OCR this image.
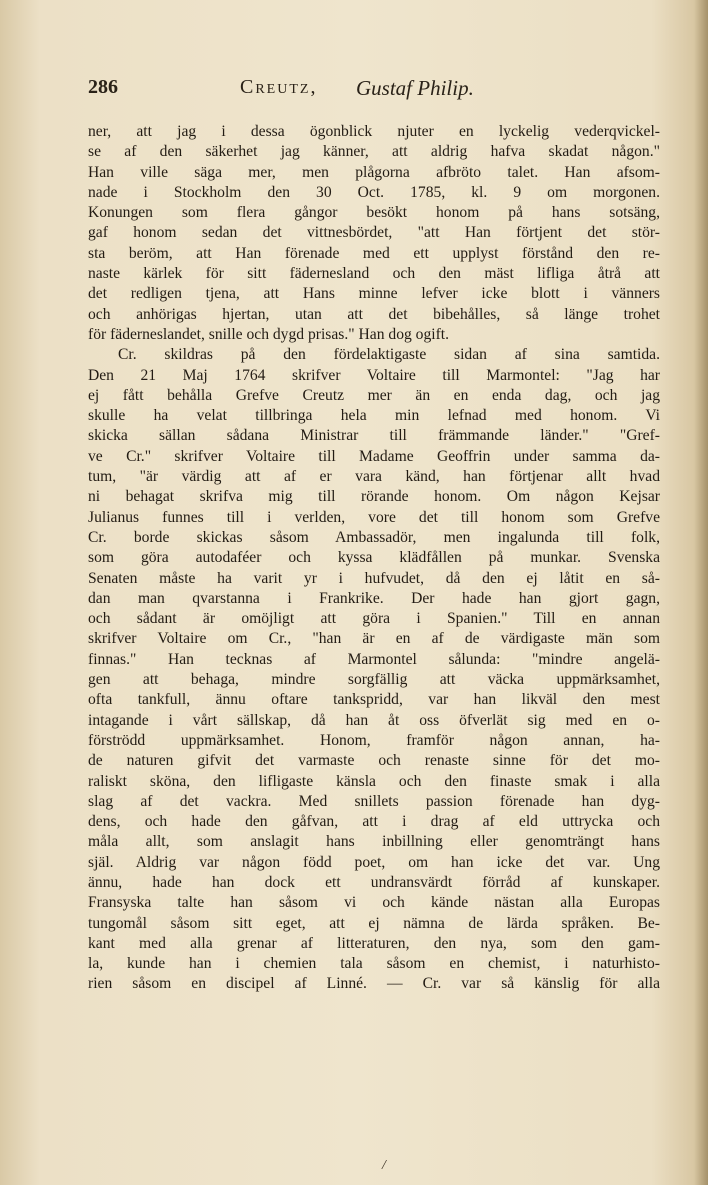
286	Creutz, Gustaf Philip.
ner, att jag i dessa ögonblick njuter en lyckelig vederqvickel-
se af den säkerhet jag känner, att aldrig hafva skadat någon."
Han ville säga mer, men plågorna afbröto talet. Han afsom-
nade i Stockholm den 30 Oct. 1785, kl. 9 om morgonen.
Konungen som flera gångor besökt honom på hans sotsäng,
gaf honom sedan det vittnesbördet, "att Han förtjent det stör-
sta beröm, att Han förenade med ett upplyst förstånd den re-
naste kärlek för sitt fädernesland och den mäst lifliga åtrå att
det redligen tjena, att Hans minne lefver icke blott i vänners
och anhörigas hjertan, utan att det bibehålles, så länge trohet
för fäderneslandet, snille och dygd prisas." Han dog ogift.
Cr. skildras på den fördelaktigaste sidan af sina samtida.
Den 21 Maj 1764 skrifver Voltaire till Marmontel: "Jag har
ej fått behålla Grefve Creutz mer än en enda dag, och jag
skulle ha velat tillbringa hela min lefnad med honom. Vi
skicka sällan sådana Ministrar till främmande länder." "Gref-
ve Cr." skrifver Voltaire till Madame Geoffrin under samma da-
tum, "är värdig att af er vara känd, han förtjenar allt hvad
ni behagat skrifva mig till rörande honom. Om någon Kejsar
Julianus funnes till i verlden, vore det till honom som Grefve
Cr. borde skickas såsom Ambassadör, men ingalunda till folk,
som göra autodaféer och kyssa klädfållen på munkar. Svenska
Senaten måste ha varit yr i hufvudet, då den ej låtit en så-
dan man qvarstanna i Frankrike. Der hade han gjort gagn,
och sådant är omöjligt att göra i Spanien." Till en annan
skrifver Voltaire om Cr., "han är en af de värdigaste män som
finnas." Han tecknas af Marmontel sålunda: "mindre angelä-
gen att behaga, mindre sorgfällig att väcka uppmärksamhet,
ofta tankfull, ännu oftare tankspridd, var han likväl den mest
intagande i vårt sällskap, då han åt oss öfverlät sig med en o-
förströdd uppmärksamhet. Honom, framför någon annan, ha-
de naturen gifvit det varmaste och renaste sinne för det mo-
raliskt sköna, den lifligaste känsla och den finaste smak i alla
slag af det vackra. Med snillets passion förenade han dyg-
dens, och hade den gåfvan, att i drag af eld uttrycka och
måla allt, som anslagit hans inbillning eller genomträngt hans
själ. Aldrig var någon född poet, om han icke det var. Ung
ännu, hade han dock ett undransvärdt förråd af kunskaper.
Fransyska talte han såsom vi och kände nästan alla Europas
tungomål såsom sitt eget, att ej nämna de lärda språken. Be-
kant med alla grenar af litteraturen, den nya, som den gam-
la, kunde han i chemien tala såsom en chemist, i naturhisto-
rien såsom en discipel af Linné. — Cr. var så känslig för alla
/
